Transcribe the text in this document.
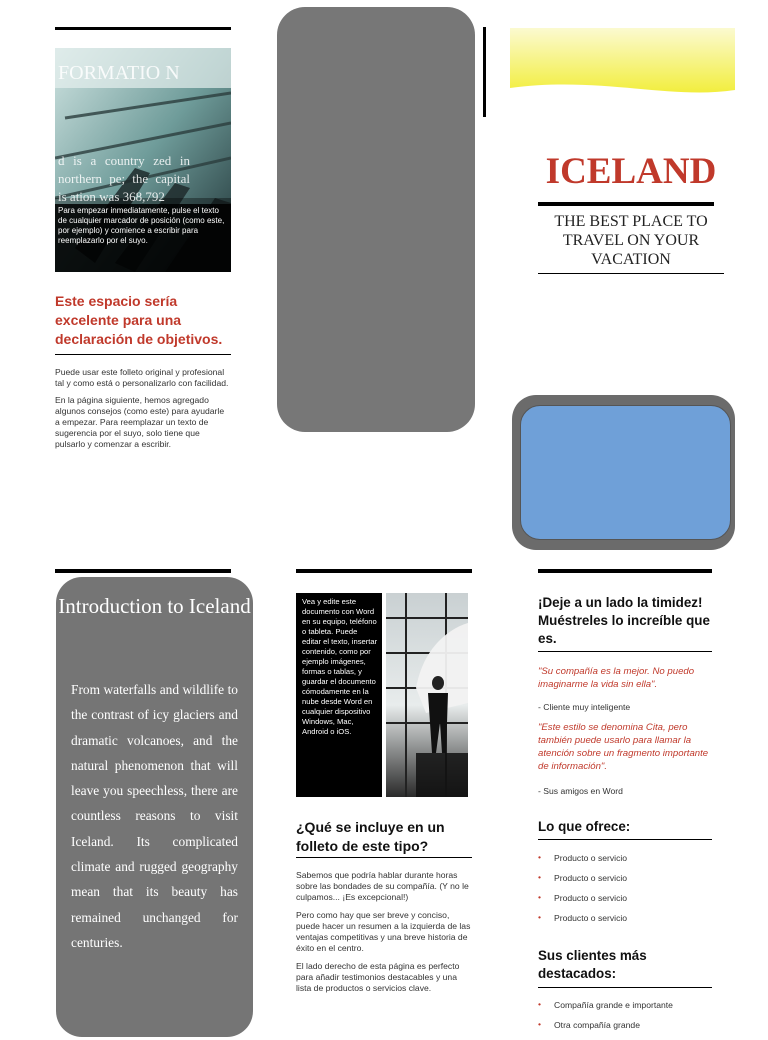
FORMATIO N
d is a country zed in northern pe; the capital is ation was 368,792
Para empezar inmediatamente, pulse el texto de cualquier marcador de posición (como este, por ejemplo) y comience a escribir para reemplazarlo por el suyo.
Este espacio sería excelente para una declaración de objetivos.

Puede usar este folleto original y profesional tal y como está o personalizarlo con facilidad.

En la página siguiente, hemos agregado algunos consejos (como este) para ayudarle a empezar. Para reemplazar un texto de sugerencia por el suyo, solo tiene que pulsarlo y comenzar a escribir.

ICELAND
THE BEST PLACE TO TRAVEL ON YOUR VACATION
Introduction to Iceland
From waterfalls and wildlife to the contrast of icy glaciers and dramatic volcanoes, and the natural phenomenon that will leave you speechless, there are countless reasons to visit Iceland. Its complicated climate and rugged geography mean that its beauty has remained unchanged for centuries.
Vea y edite este documento con Word en su equipo, teléfono o tableta. Puede editar el texto, insertar contenido, como por ejemplo imágenes, formas o tablas, y guardar el documento cómodamente en la nube desde Word en cualquier dispositivo Windows, Mac, Android o iOS.
¿Qué se incluye en un folleto de este tipo?

Sabemos que podría hablar durante horas sobre las bondades de su compañía. (Y no le culpamos... ¡Es excepcional!)

Pero como hay que ser breve y conciso, puede hacer un resumen a la izquierda de las ventajas competitivas y una breve historia de éxito en el centro.

El lado derecho de esta página es perfecto para añadir testimonios destacables y una lista de productos o servicios clave.

¡Deje a un lado la timidez! Muéstreles lo increíble que es.
"Su compañía es la mejor. No puedo imaginarme la vida sin ella".
- Cliente muy inteligente
"Este estilo se denomina Cita, pero también puede usarlo para llamar la atención sobre un fragmento importante de información".
- Sus amigos en Word
Lo que ofrece:
• Producto o servicio
• Producto o servicio
• Producto o servicio
• Producto o servicio
Sus clientes más destacados:
• Compañía grande e importante
• Otra compañía grande
